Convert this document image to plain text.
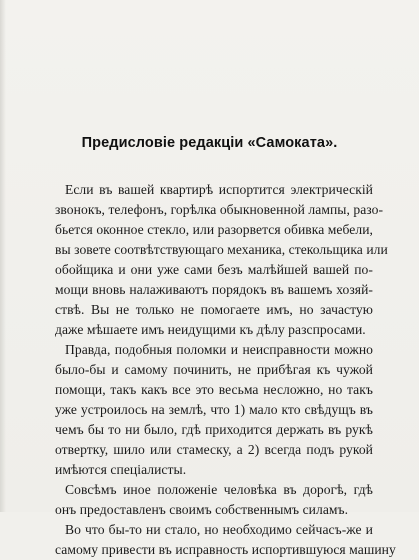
Предисловіе редакціи «Самоката».
Если въ вашей квартирѣ испортится электрическій
звонокъ, телефонъ, горѣлка обыкновенной лампы, разо-
бьется оконное стекло, или разорвется обивка мебели,
вы зовете соотвѣтствующаго механика, стекольщика или
обойщика и они уже сами безъ малѣйшей вашей по-
мощи вновь налаживаютъ порядокъ въ вашемъ хозяй-
ствѣ. Вы не только не помогаете имъ, но зачастую
даже мѣшаете имъ неидущими къ дѣлу разспросами.
Правда, подобныя поломки и неисправности можно
было-бы и самому починить, не прибѣгая къ чужой
помощи, такъ какъ все это весьма несложно, но такъ
уже устроилось на землѣ, что 1) мало кто свѣдущъ въ
чемъ бы то ни было, гдѣ приходится держать въ рукѣ
отвертку, шило или стамеску, а 2) всегда подъ рукой
имѣются спеціалисты.
Совсѣмъ иное положеніе человѣка въ дорогѣ, гдѣ
онъ предоставленъ своимъ собственнымъ силамъ.
Во что бы-то ни стало, но необходимо сейчасъ-же и
самому привести въ исправность испортившуюся машину
